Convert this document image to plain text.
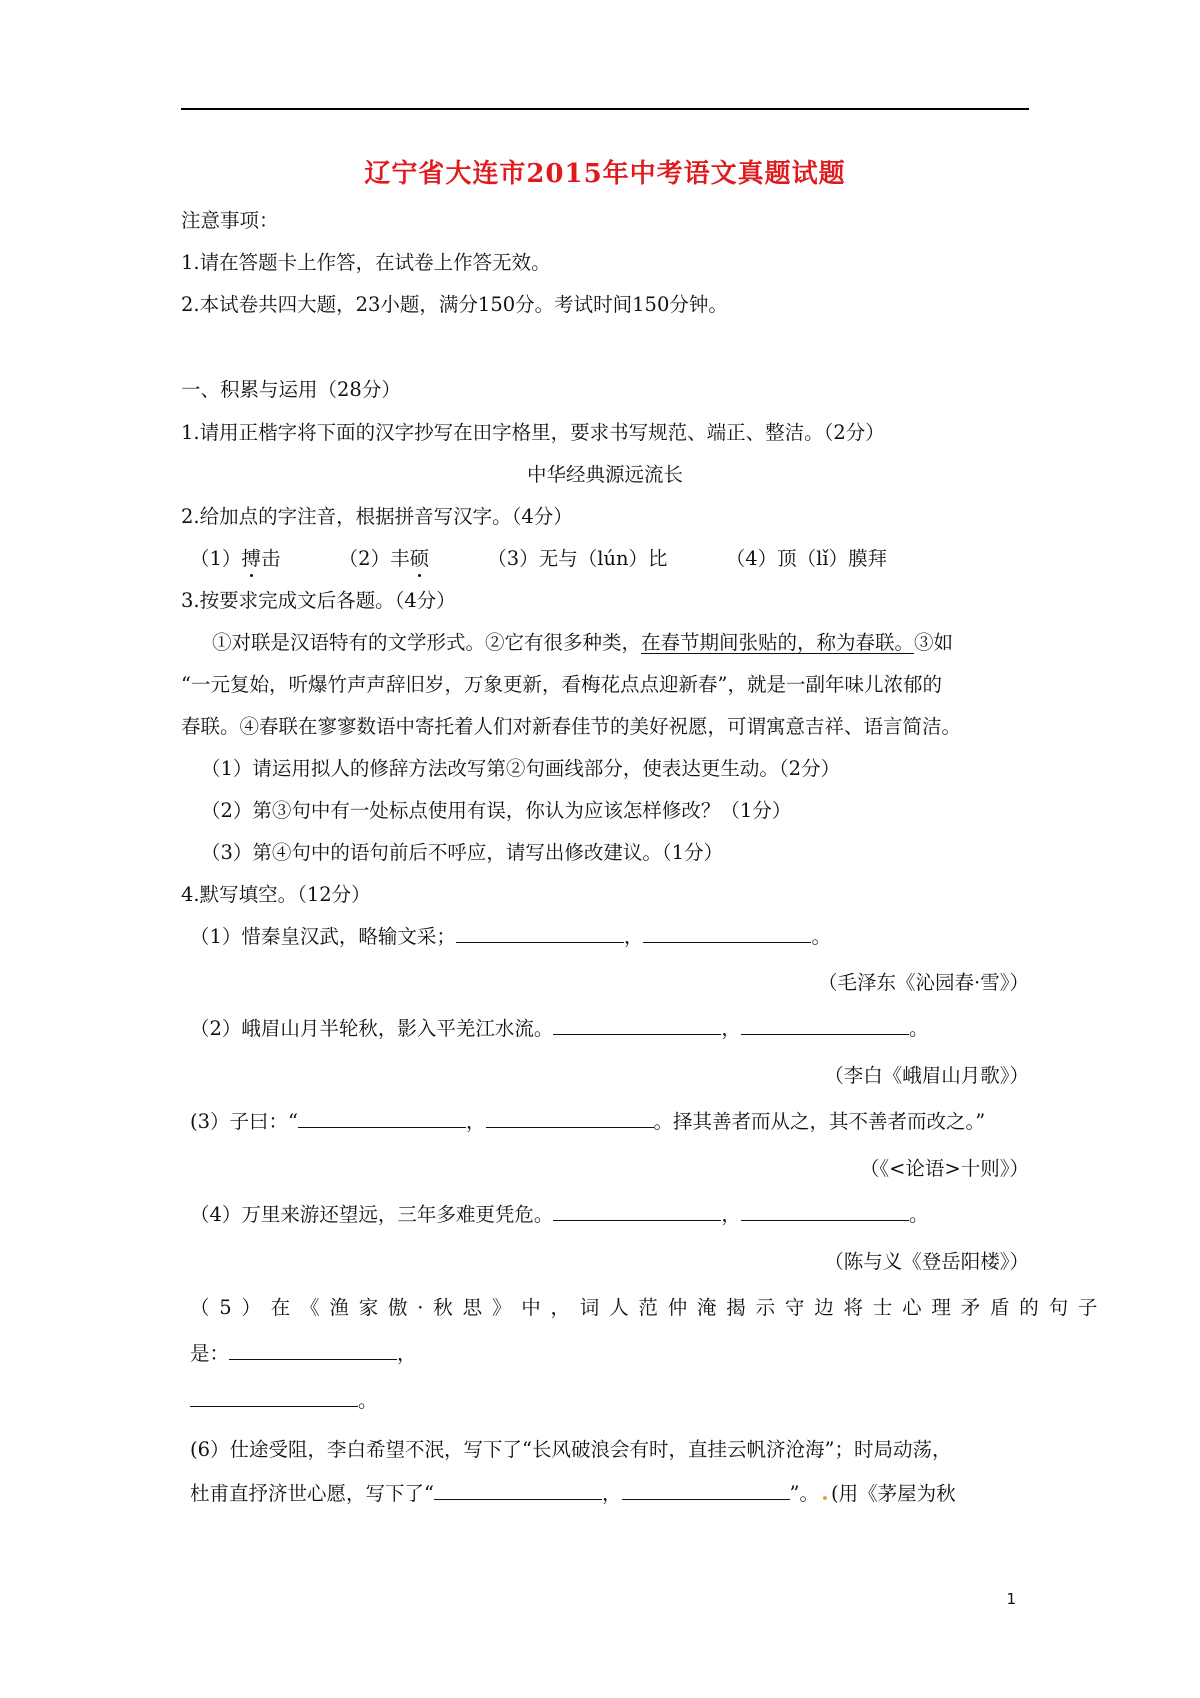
辽宁省大连市2015年中考语文真题试题
注意事项：
1.请在答题卡上作答，在试卷上作答无效。
2.本试卷共四大题，23小题，满分150分。考试时间150分钟。
一、积累与运用（28分）
1.请用正楷字将下面的汉字抄写在田字格里，要求书写规范、端正、整洁。（2分）
中华经典源远流长
2.给加点的字注音，根据拼音写汉字。（4分）
（1）搏击	（2）丰硕	（3）无与（lún）比	（4）顶（lǐ）膜拜
3.按要求完成文后各题。（4分）
①对联是汉语特有的文学形式。②它有很多种类，在春节期间张贴的，称为春联。③如
“一元复始，听爆竹声声辞旧岁，万象更新，看梅花点点迎新春”，就是一副年味儿浓郁的
春联。④春联在寥寥数语中寄托着人们对新春佳节的美好祝愿，可谓寓意吉祥、语言简洁。
（1）请运用拟人的修辞方法改写第②句画线部分，使表达更生动。（2分）
（2）第③句中有一处标点使用有误，你认为应该怎样修改？（1分）
（3）第④句中的语句前后不呼应，请写出修改建议。（1分）
4.默写填空。（12分）
（1）惜秦皇汉武，略输文采；	，	。
（毛泽东《沁园春·雪》）
（2）峨眉山月半轮秋，影入平羌江水流。	，	。
（李白《峨眉山月歌》）
(3）子曰：“	，	。择其善者而从之，其不善者而改之。”
（《<论语>十则》）
（4）万里来游还望远，三年多难更凭危。	，	。
（陈与义《登岳阳楼》）
（5）在《渔家傲·秋思》中，词人范仲淹揭示守边将士心理矛盾的句子
是：	，
。
(6）仕途受阻，李白希望不泯，写下了“长风破浪会有时，直挂云帆济沧海”；时局动荡，
杜甫直抒济世心愿，写下了“	，	”。 (用《茅屋为秋
1
